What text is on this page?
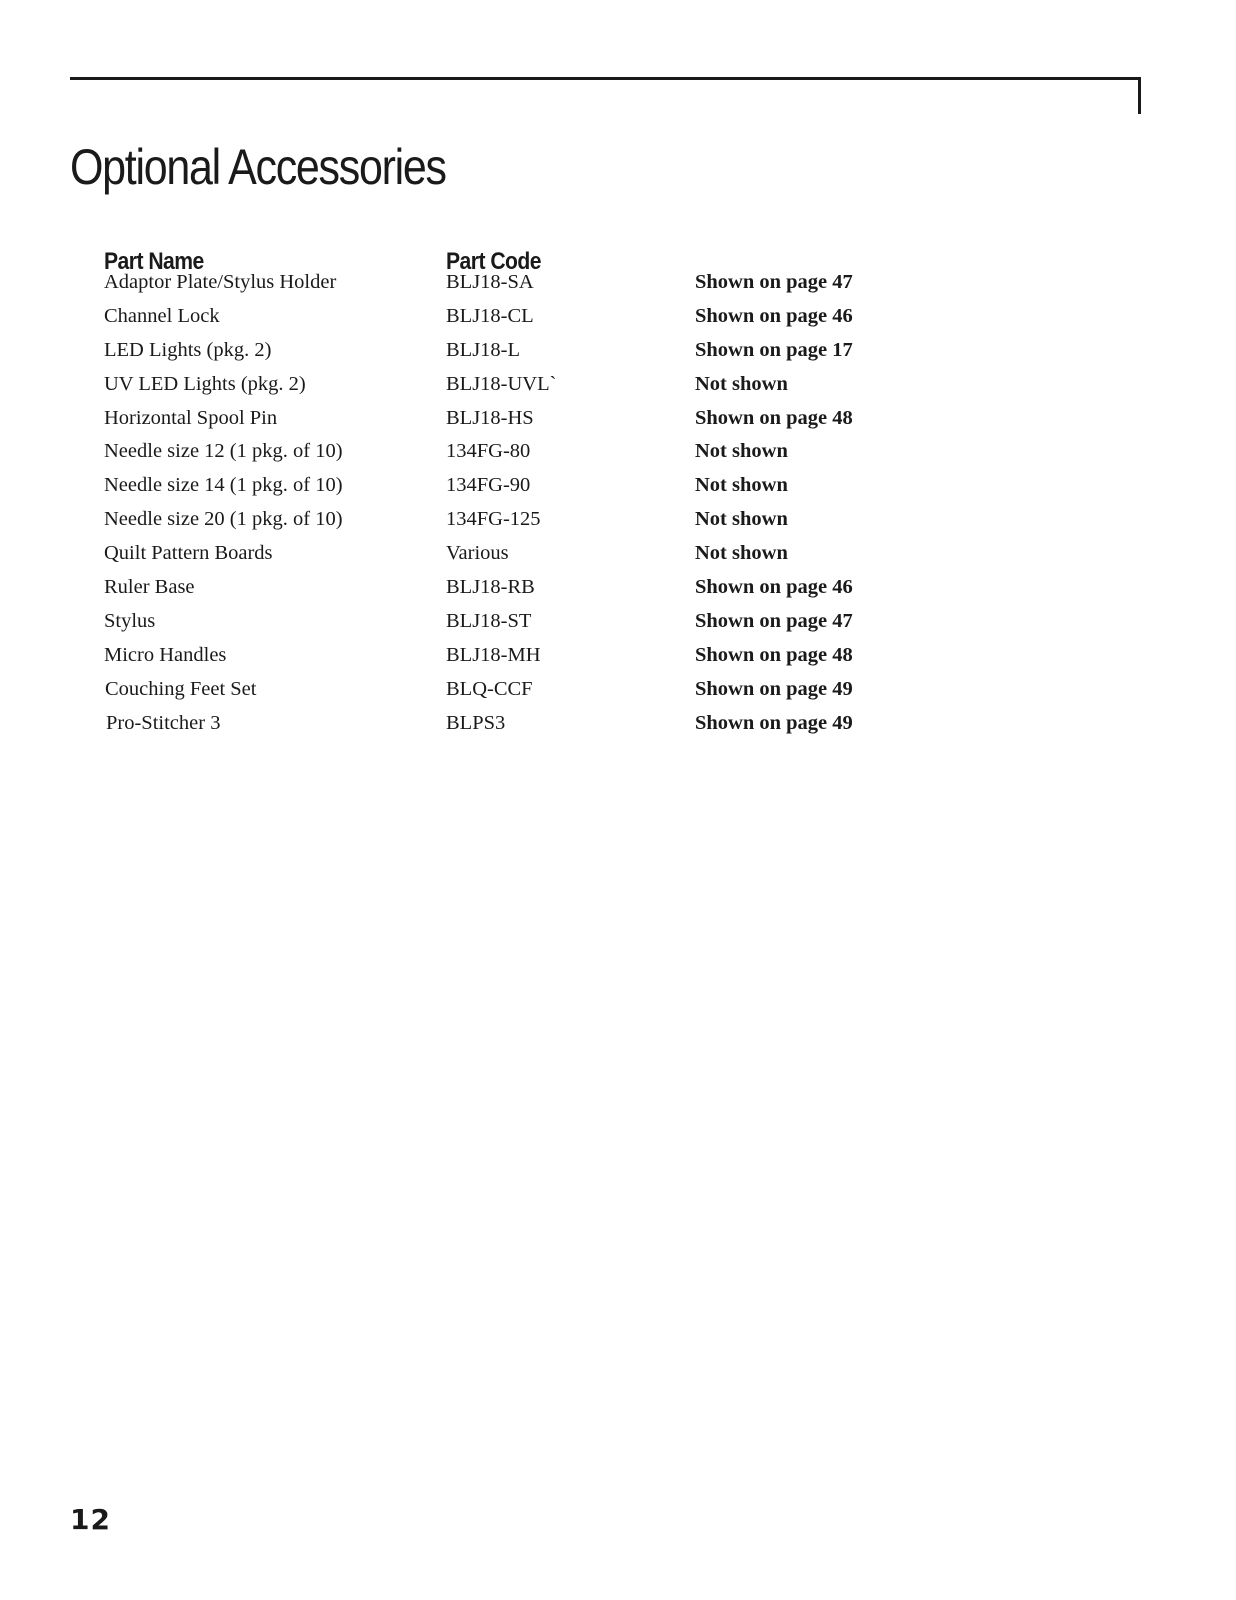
Optional Accessories
Part Name	Part Code
Adaptor Plate/Stylus Holder	BLJ18-SA	Shown on page 47
Channel Lock	BLJ18-CL	Shown on page 46
LED Lights (pkg. 2)	BLJ18-L	Shown on page 17
UV LED Lights (pkg. 2)	BLJ18-UVL`	Not shown
Horizontal Spool Pin	BLJ18-HS	Shown on page 48
Needle size 12 (1 pkg. of 10)	134FG-80	Not shown
Needle size 14 (1 pkg. of 10)	134FG-90	Not shown
Needle size 20 (1 pkg. of 10)	134FG-125	Not shown
Quilt Pattern Boards	Various	Not shown
Ruler Base	BLJ18-RB	Shown on page 46
Stylus	BLJ18-ST	Shown on page 47
Micro Handles	BLJ18-MH	Shown on page 48
Couching Feet Set	BLQ-CCF	Shown on page 49
Pro-Stitcher 3	BLPS3	Shown on page 49
12
